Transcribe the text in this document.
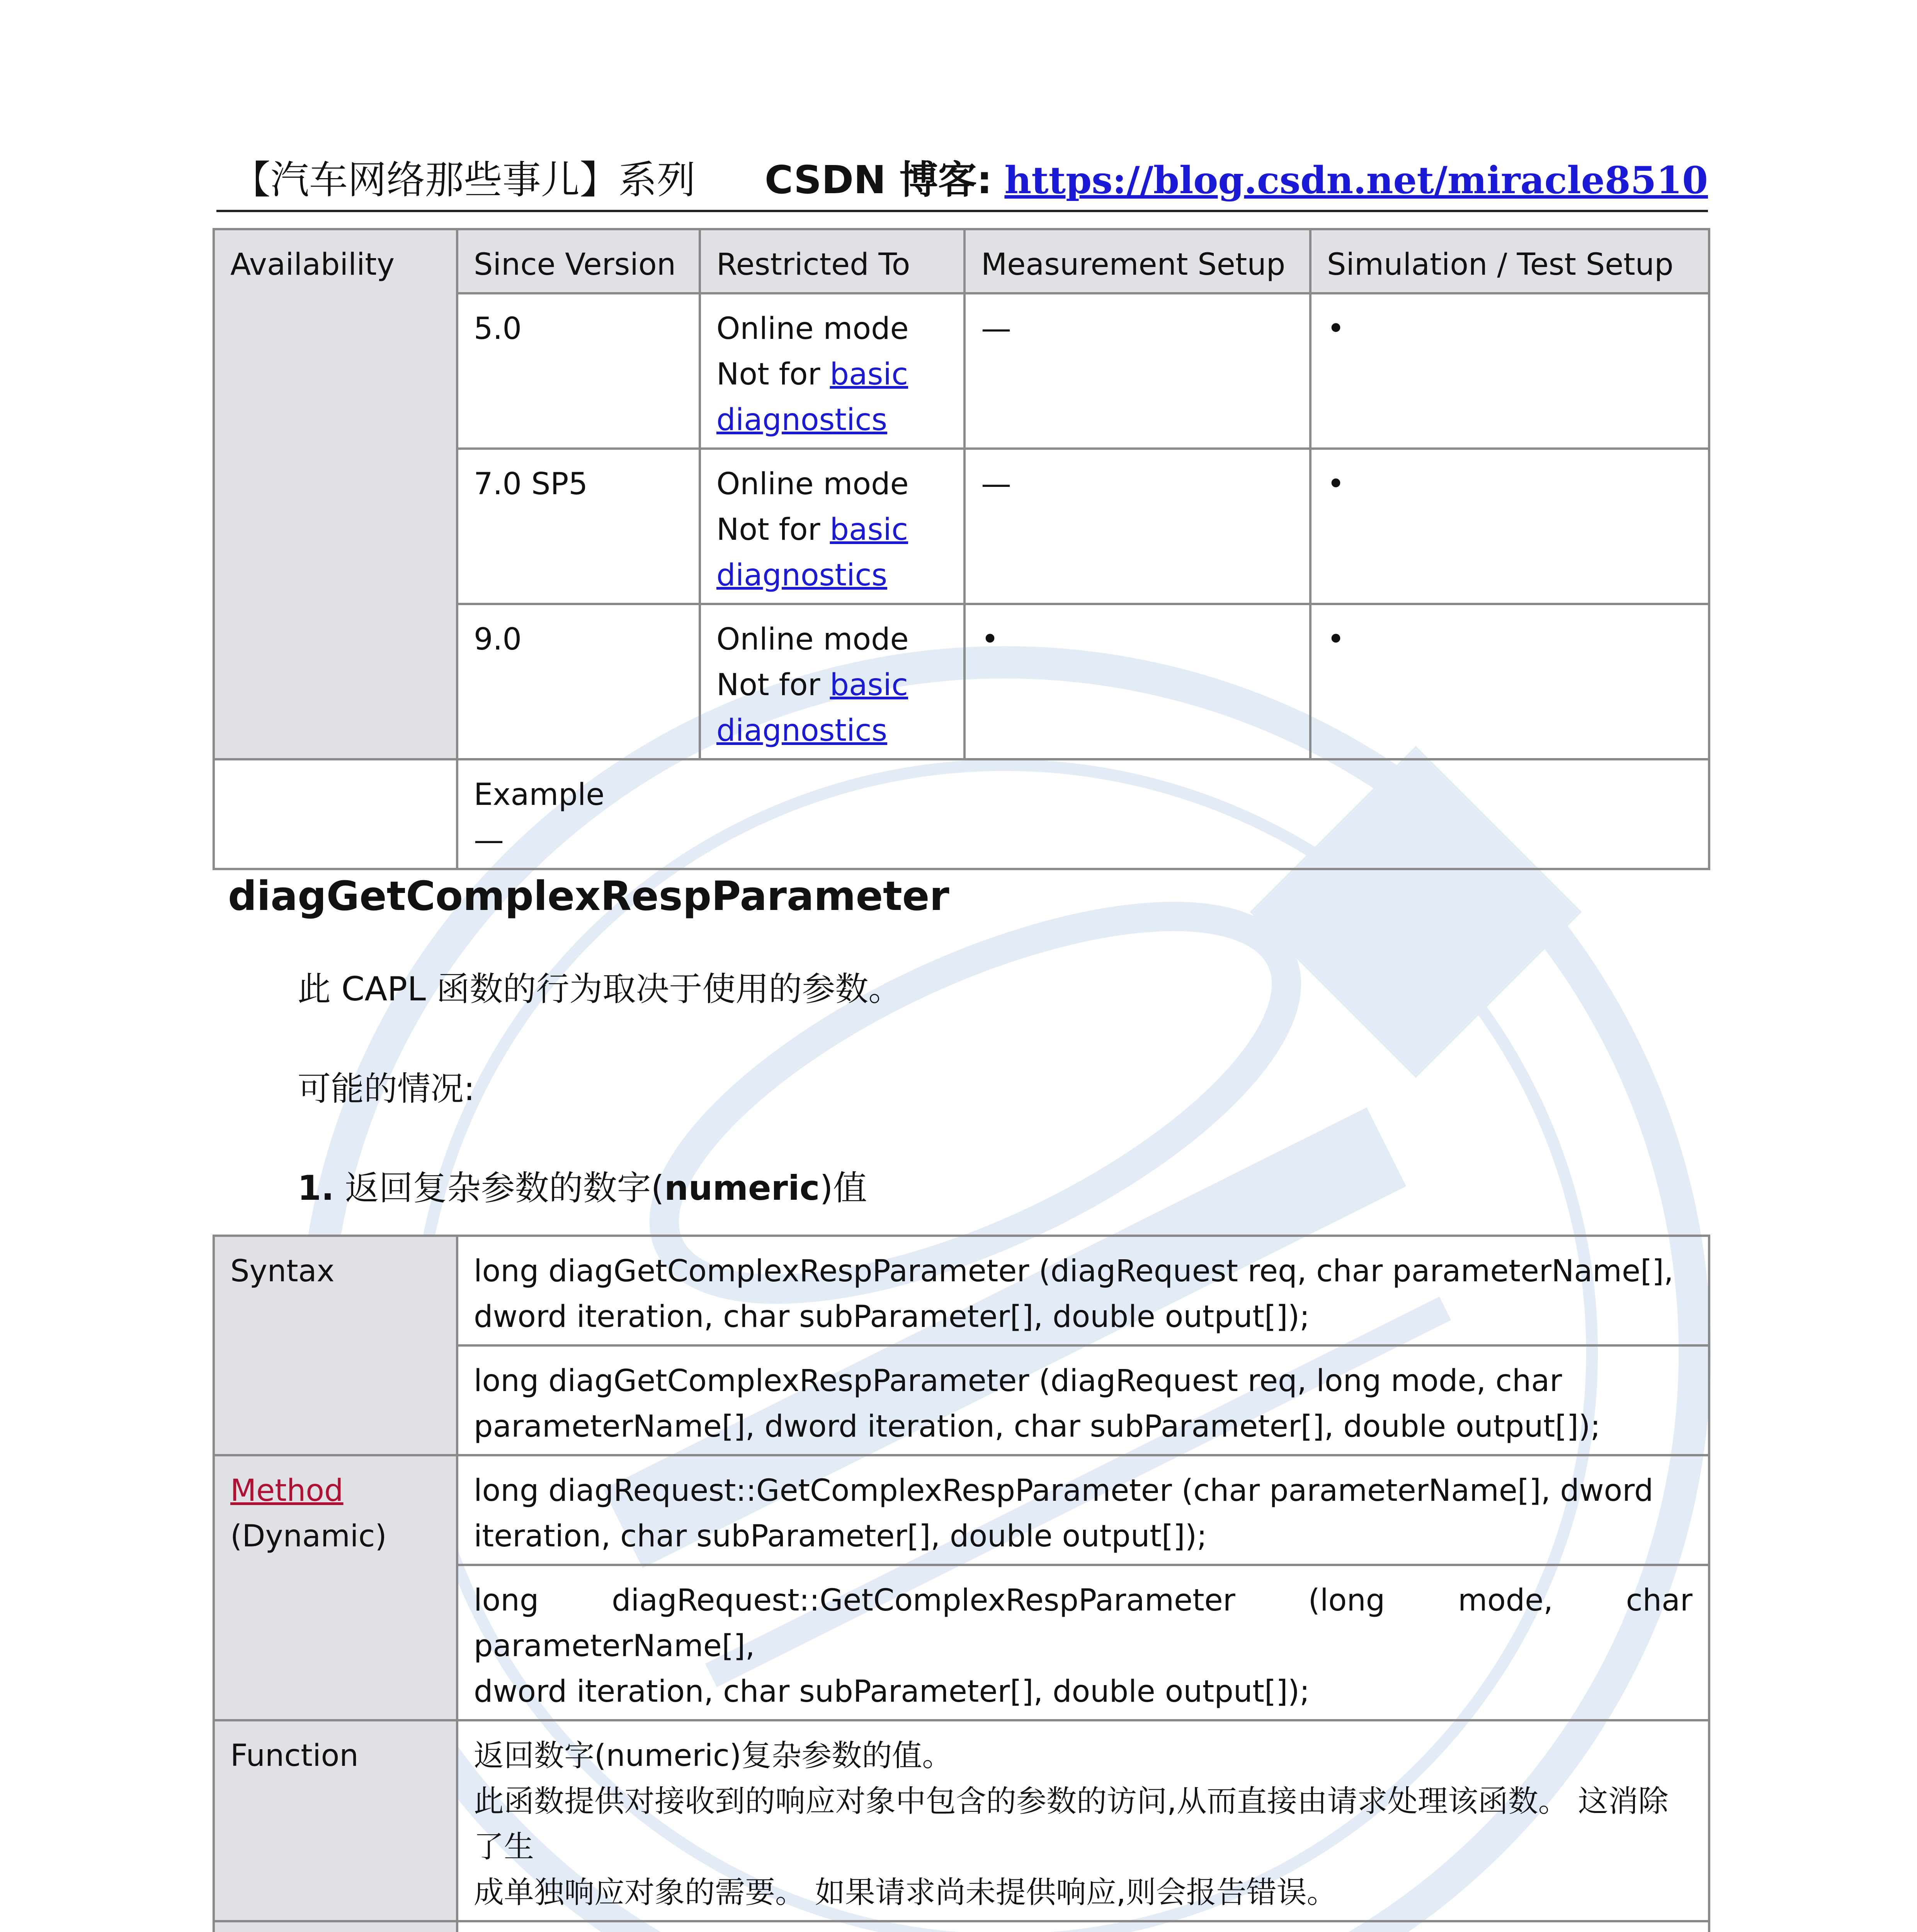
【汽车网络那些事儿】系列 CSDN 博客: https://blog.csdn.net/miracle8510
Availability	Since Version	Restricted To	Measurement Setup	Simulation / Test Setup
	5.0	Online mode
Not for basic
diagnostics	—	•
	7.0 SP5	Online mode
Not for basic
diagnostics	—	•
	9.0	Online mode
Not for basic
diagnostics	•	•

	Example
—			
diagGetComplexRespParameter
此 CAPL 函数的行为取决于使用的参数。
可能的情况:
1. 返回复杂参数的数字(numeric)值
Syntax	long diagGetComplexRespParameter (diagRequest req, char parameterName[],
dword iteration, char subParameter[], double output[]);

	long diagGetComplexRespParameter (diagRequest req, long mode, char
parameterName[], dword iteration, char subParameter[], double output[]);

Method
(Dynamic)	long diagRequest::GetComplexRespParameter (char parameterName[], dword
iteration, char subParameter[], double output[]);

	long diagRequest::GetComplexRespParameter (long mode, char parameterName[],
dword iteration, char subParameter[], double output[]);

Function	返回数字(numeric)复杂参数的值。
此函数提供对接收到的响应对象中包含的参数的访问,从而直接由请求处理该函数。 这消除了生
成单独响应对象的需要。 如果请求尚未提供响应,则会报告错误。
